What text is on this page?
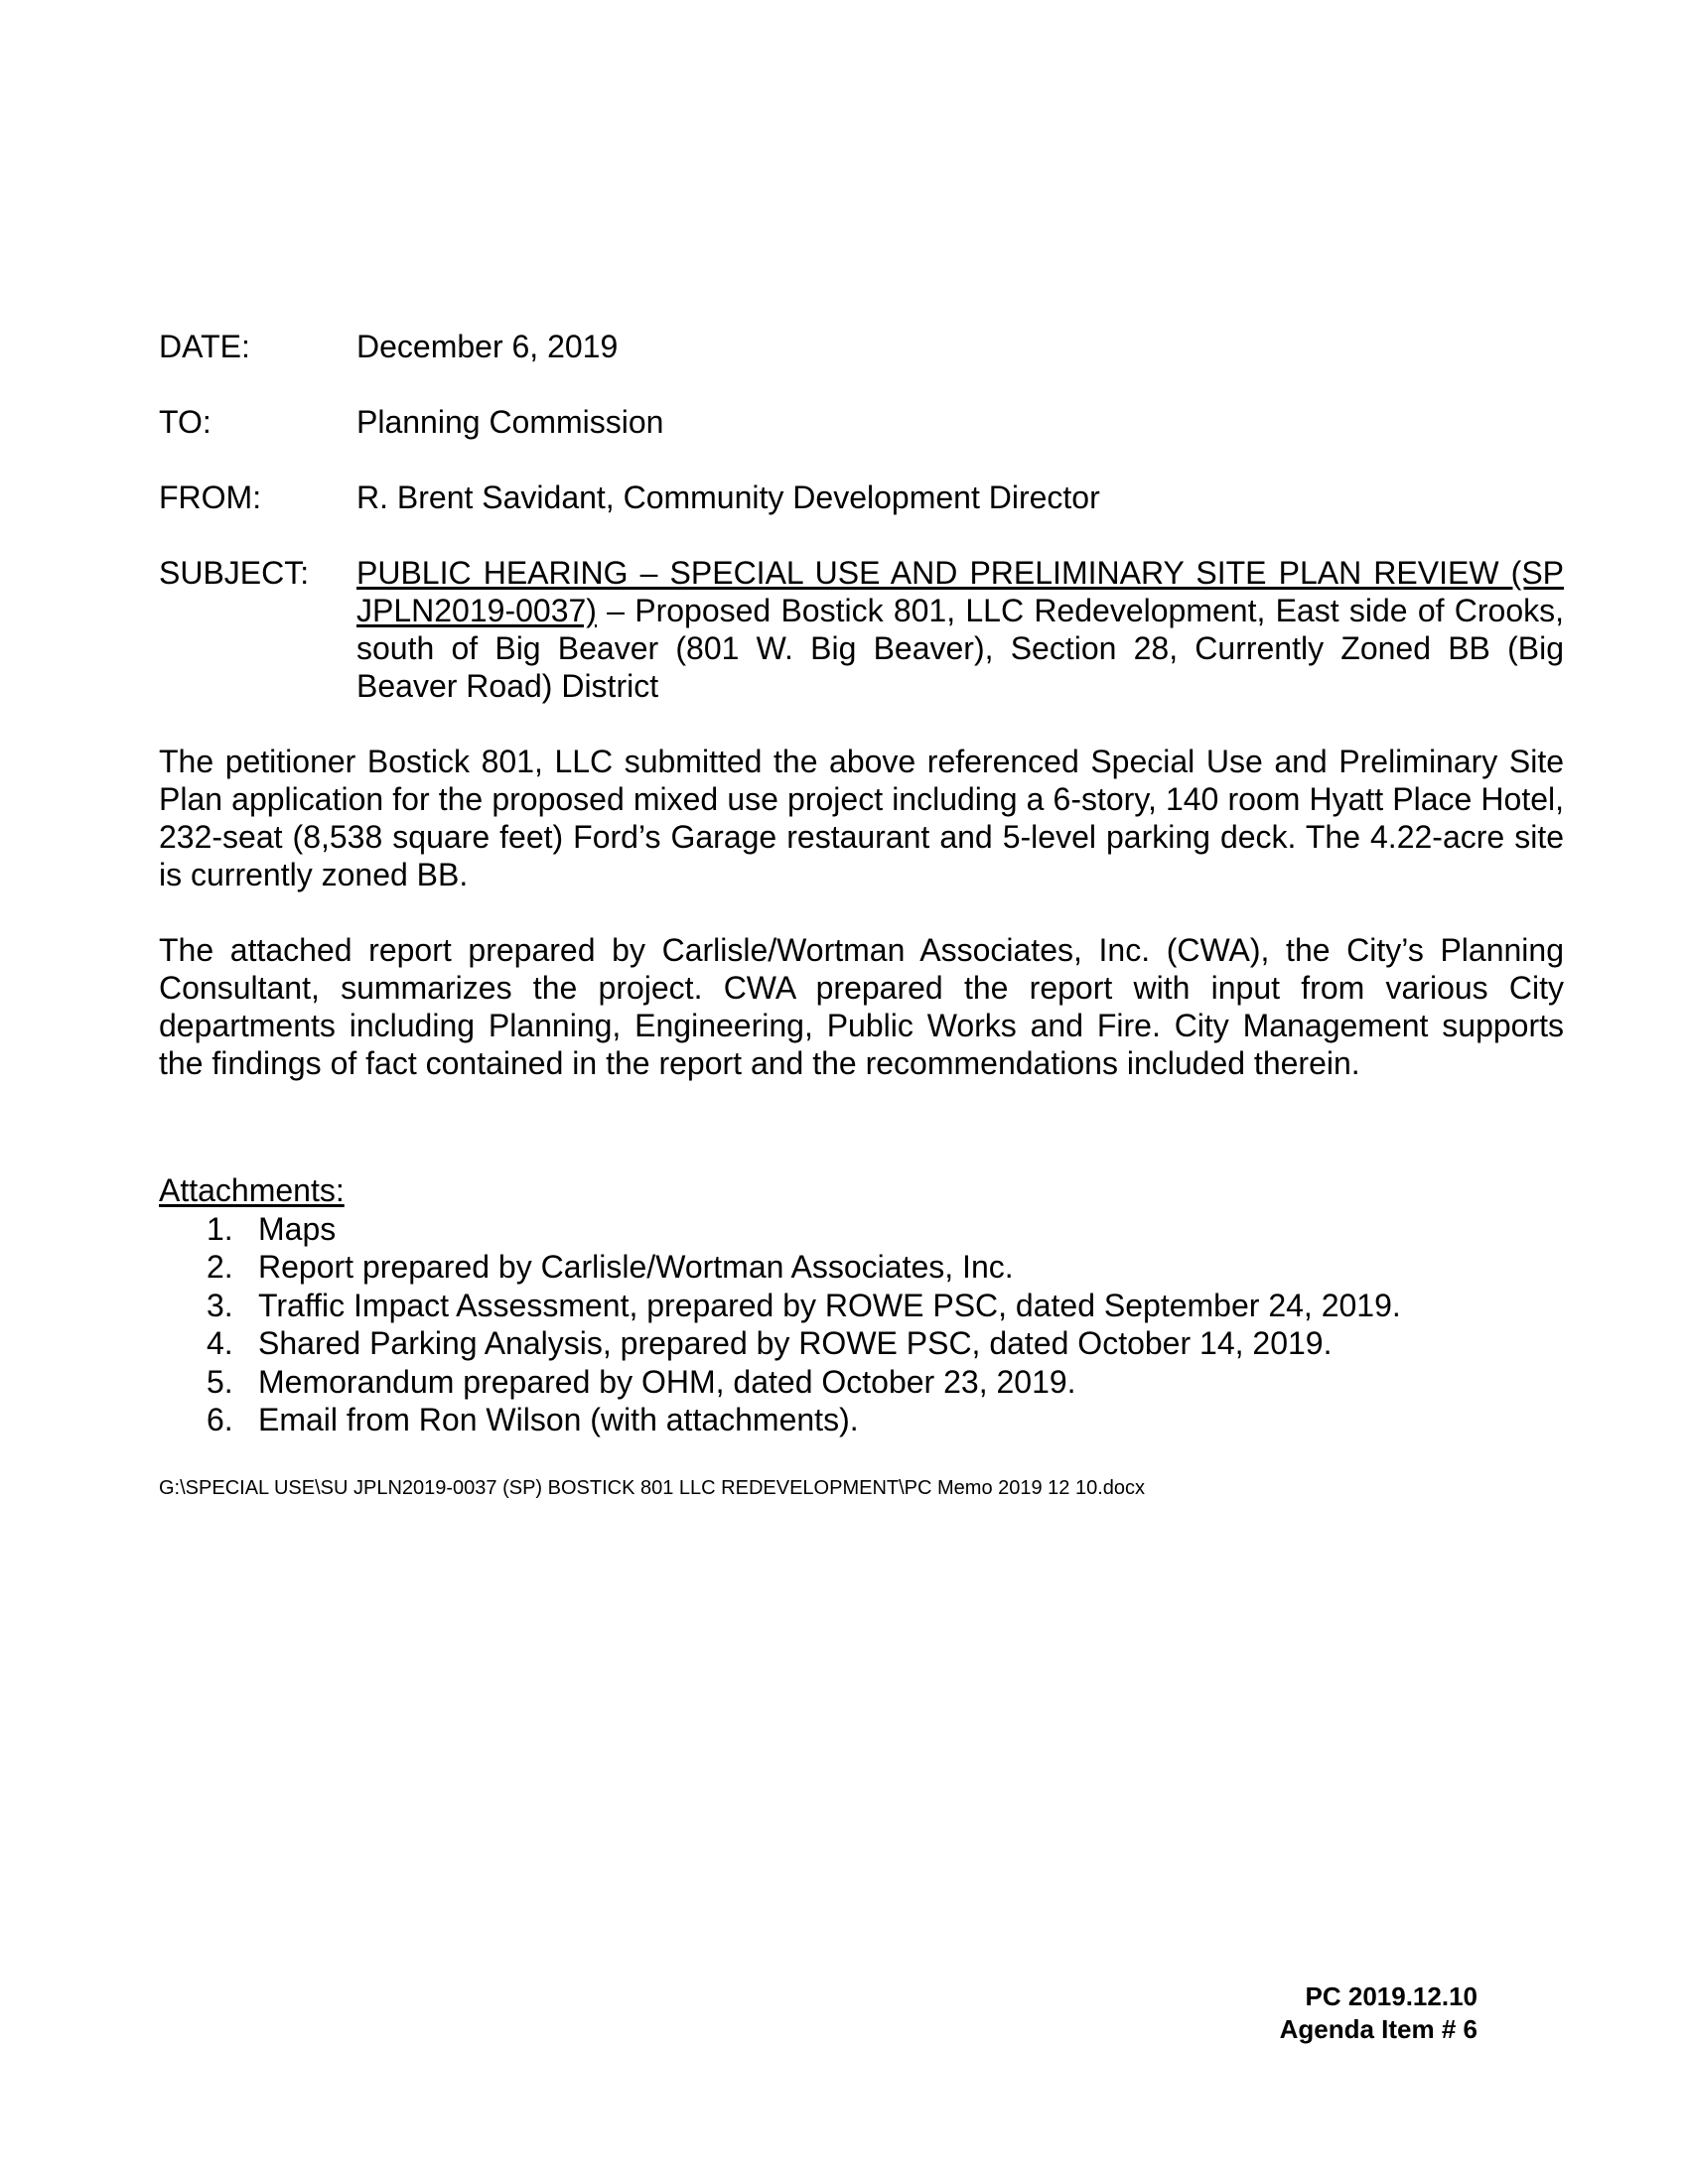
DATE:	December 6, 2019
TO:	Planning Commission
FROM:	R. Brent Savidant, Community Development Director
SUBJECT: PUBLIC HEARING – SPECIAL USE AND PRELIMINARY SITE PLAN REVIEW (SP JPLN2019-0037) – Proposed Bostick 801, LLC Redevelopment, East side of Crooks, south of Big Beaver (801 W. Big Beaver), Section 28, Currently Zoned BB (Big Beaver Road) District

The petitioner Bostick 801, LLC submitted the above referenced Special Use and Preliminary Site Plan application for the proposed mixed use project including a 6-story, 140 room Hyatt Place Hotel, 232-seat (8,538 square feet) Ford’s Garage restaurant and 5-level parking deck. The 4.22-acre site is currently zoned BB.

The attached report prepared by Carlisle/Wortman Associates, Inc. (CWA), the City’s Planning Consultant, summarizes the project. CWA prepared the report with input from various City departments including Planning, Engineering, Public Works and Fire. City Management supports the findings of fact contained in the report and the recommendations included therein.

Attachments:
1. Maps
2. Report prepared by Carlisle/Wortman Associates, Inc.
3. Traffic Impact Assessment, prepared by ROWE PSC, dated September 24, 2019.
4. Shared Parking Analysis, prepared by ROWE PSC, dated October 14, 2019.
5. Memorandum prepared by OHM, dated October 23, 2019.
6. Email from Ron Wilson (with attachments).
G:\SPECIAL USE\SU JPLN2019-0037 (SP) BOSTICK 801 LLC REDEVELOPMENT\PC Memo 2019 12 10.docx
PC 2019.12.10
Agenda Item # 6
